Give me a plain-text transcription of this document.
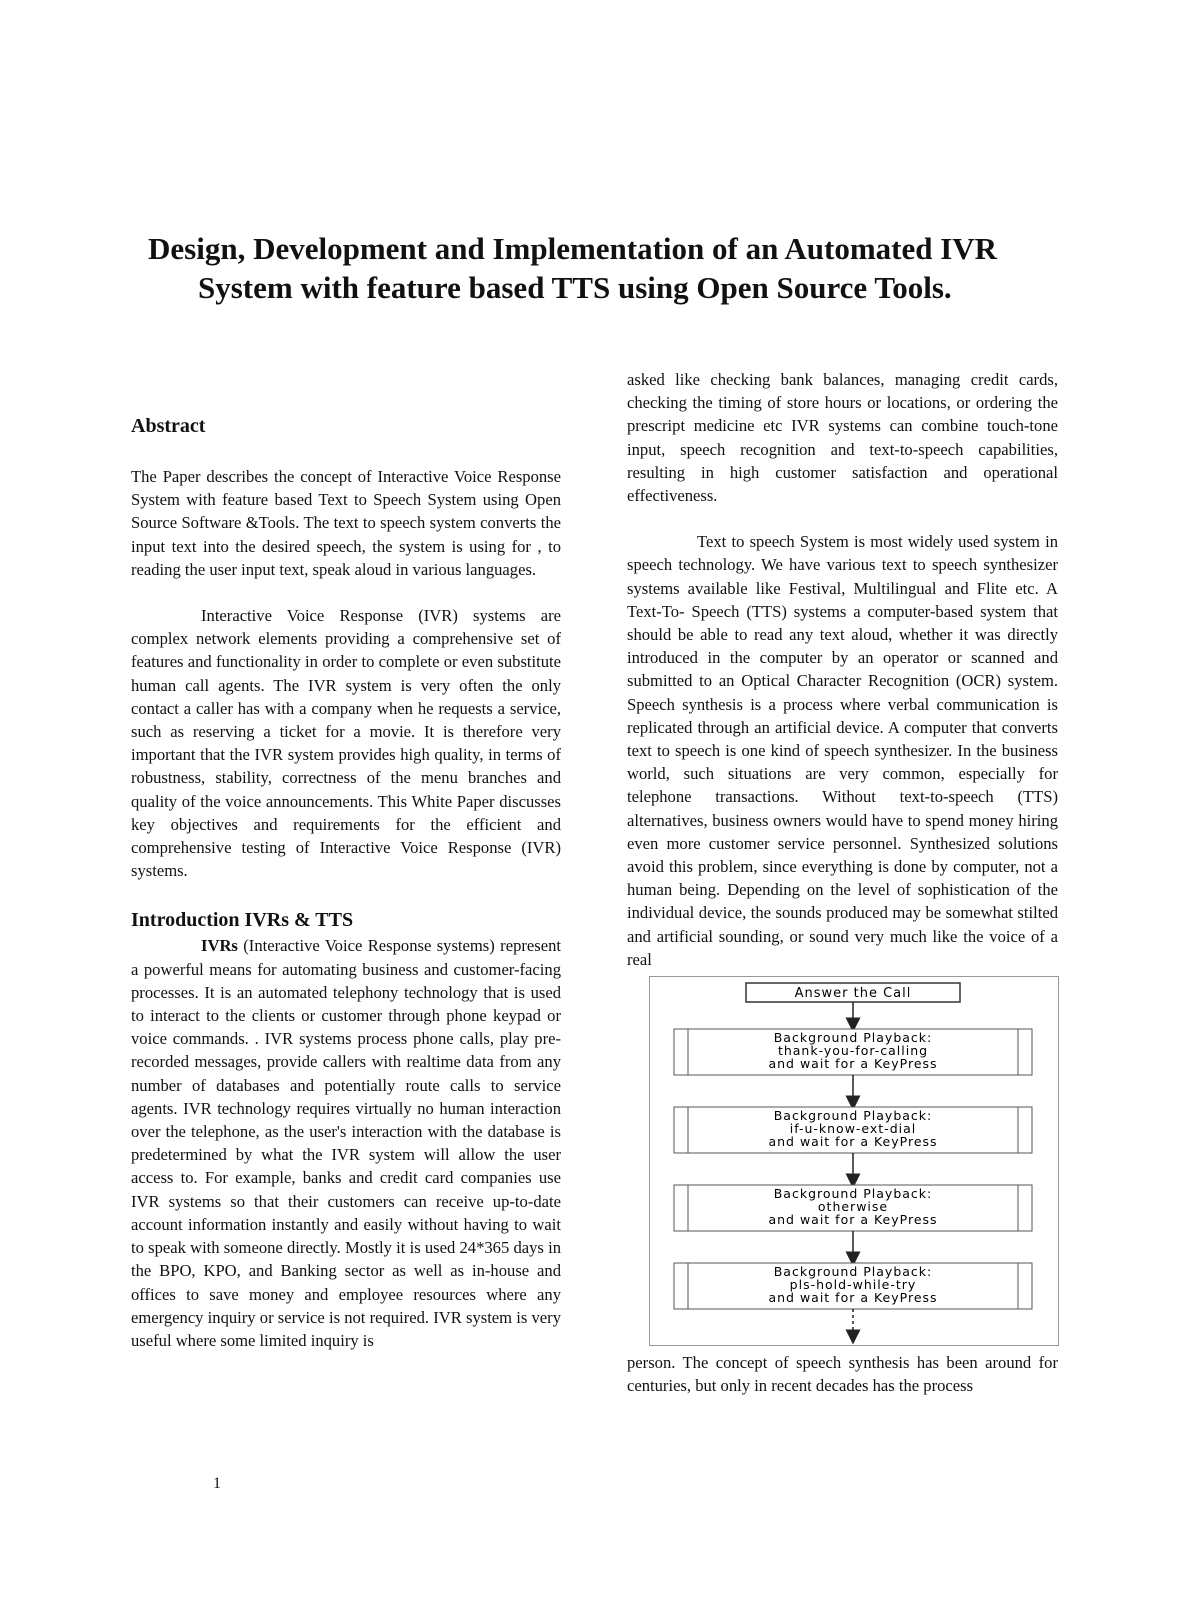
Design, Development and Implementation of an Automated IVR System with feature based TTS using Open Source Tools.
Abstract

The Paper describes the concept of Interactive Voice Response System with feature based Text to Speech System using Open Source Software &Tools. The text to speech system converts the input text into the desired speech, the system is using for , to reading the user input text, speak aloud in various languages.

Interactive Voice Response (IVR) systems are complex network elements providing a comprehensive set of features and functionality in order to complete or even substitute human call agents. The IVR system is very often the only contact a caller has with a company when he requests a service, such as reserving a ticket for a movie. It is therefore very important that the IVR system provides high quality, in terms of robustness, stability, correctness of the menu branches and quality of the voice announcements. This White Paper discusses key objectives and requirements for the efficient and comprehensive testing of Interactive Voice Response (IVR) systems.

Introduction IVRs & TTS

IVRs (Interactive Voice Response systems) represent a powerful means for automating business and customer-facing processes. It is an automated telephony technology that is used to interact to the clients or customer through phone keypad or voice commands. . IVR systems process phone calls, play pre-recorded messages, provide callers with realtime data from any number of databases and potentially route calls to service agents. IVR technology requires virtually no human interaction over the telephone, as the user's interaction with the database is predetermined by what the IVR system will allow the user access to. For example, banks and credit card companies use IVR systems so that their customers can receive up-to-date account information instantly and easily without having to wait to speak with someone directly. Mostly it is used 24*365 days in the BPO, KPO, and Banking sector as well as in-house and offices to save money and employee resources where any emergency inquiry or service is not required. IVR system is very useful where some limited inquiry is

asked like checking bank balances, managing credit cards, checking the timing of store hours or locations, or ordering the prescript medicine etc IVR systems can combine touch-tone input, speech recognition and text-to-speech capabilities, resulting in high customer satisfaction and operational effectiveness.

Text to speech System is most widely used system in speech technology. We have various text to speech synthesizer systems available like Festival, Multilingual and Flite etc. A Text-To- Speech (TTS) systems a computer-based system that should be able to read any text aloud, whether it was directly introduced in the computer by an operator or scanned and submitted to an Optical Character Recognition (OCR) system. Speech synthesis is a process where verbal communication is replicated through an artificial device. A computer that converts text to speech is one kind of speech synthesizer. In the business world, such situations are very common, especially for telephone transactions. Without text-to-speech (TTS) alternatives, business owners would have to spend money hiring even more customer service personnel. Synthesized solutions avoid this problem, since everything is done by computer, not a human being. Depending on the level of sophistication of the individual device, the sounds produced may be somewhat stilted and artificial sounding, or sound very much like the voice of a real

Answer the Call
Background Playback:
thank-you-for-calling
and wait for a KeyPress
Background Playback:
if-u-know-ext-dial
and wait for a KeyPress
Background Playback:
otherwise
and wait for a KeyPress
Background Playback:
pls-hold-while-try
and wait for a KeyPress

person. The concept of speech synthesis has been around for centuries, but only in recent decades has the process

1
